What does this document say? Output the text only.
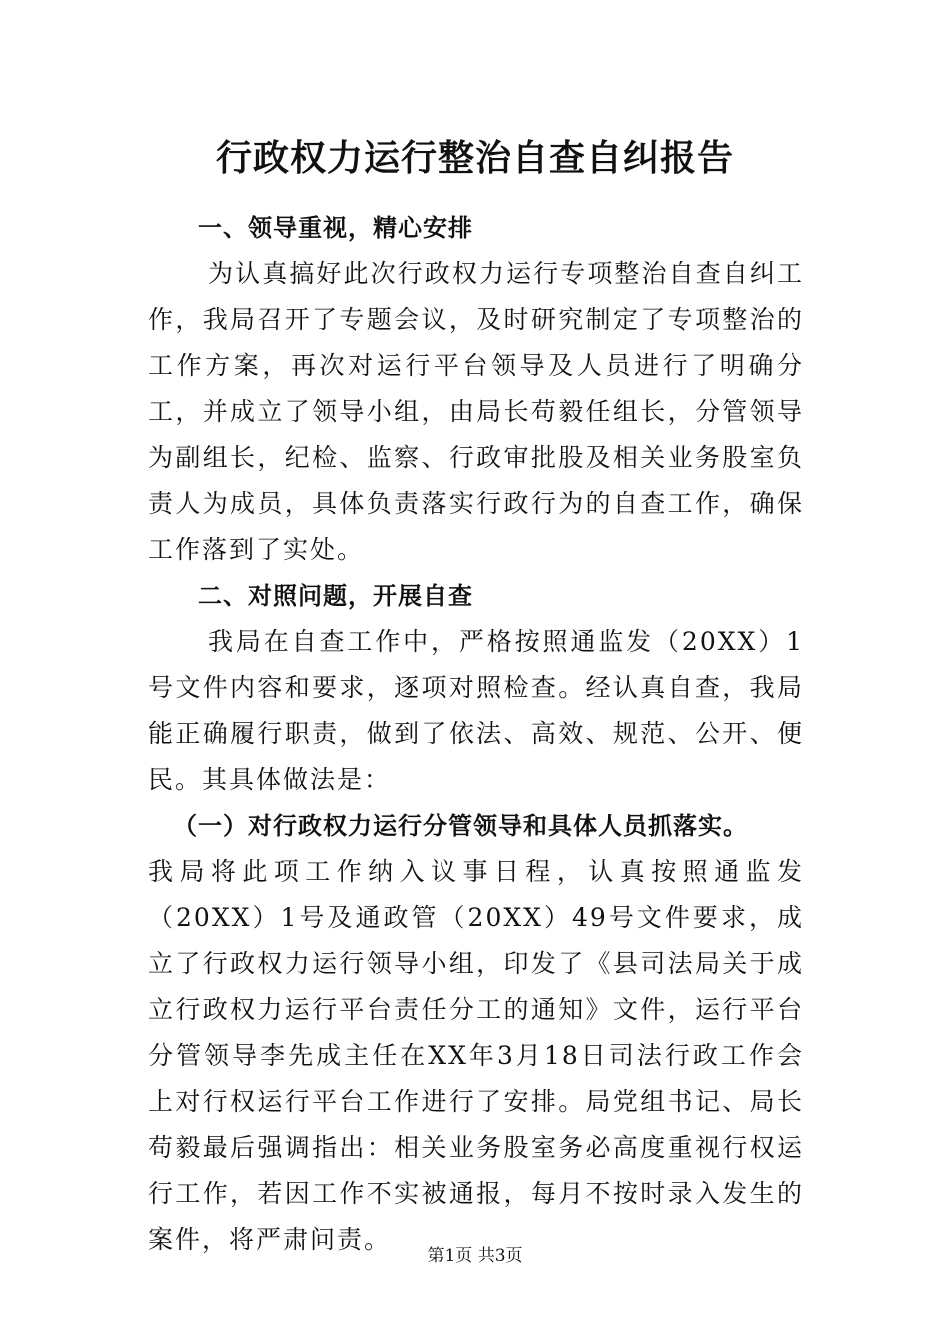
行政权力运行整治自查自纠报告

一、领导重视，精心安排

为认真搞好此次行政权力运行专项整治自查自纠工作，我局召开了专题会议，及时研究制定了专项整治的工作方案，再次对运行平台领导及人员进行了明确分工，并成立了领导小组，由局长苟毅任组长，分管领导为副组长，纪检、监察、行政审批股及相关业务股室负责人为成员，具体负责落实行政行为的自查工作，确保工作落到了实处。

二、对照问题，开展自查

我局在自查工作中，严格按照通监发（20XX）1号文件内容和要求，逐项对照检查。经认真自查，我局能正确履行职责，做到了依法、高效、规范、公开、便民。其具体做法是：

（一）对行政权力运行分管领导和具体人员抓落实。

我局将此项工作纳入议事日程，认真按照通监发（20XX）1号及通政管（20XX）49号文件要求，成立了行政权力运行领导小组，印发了《县司法局关于成立行政权力运行平台责任分工的通知》文件，运行平台分管领导李先成主任在XX年3月18日司法行政工作会上对行权运行平台工作进行了安排。局党组书记、局长苟毅最后强调指出：相关业务股室务必高度重视行权运行工作，若因工作不实被通报，每月不按时录入发生的案件，将严肃问责。

第1页 共3页
